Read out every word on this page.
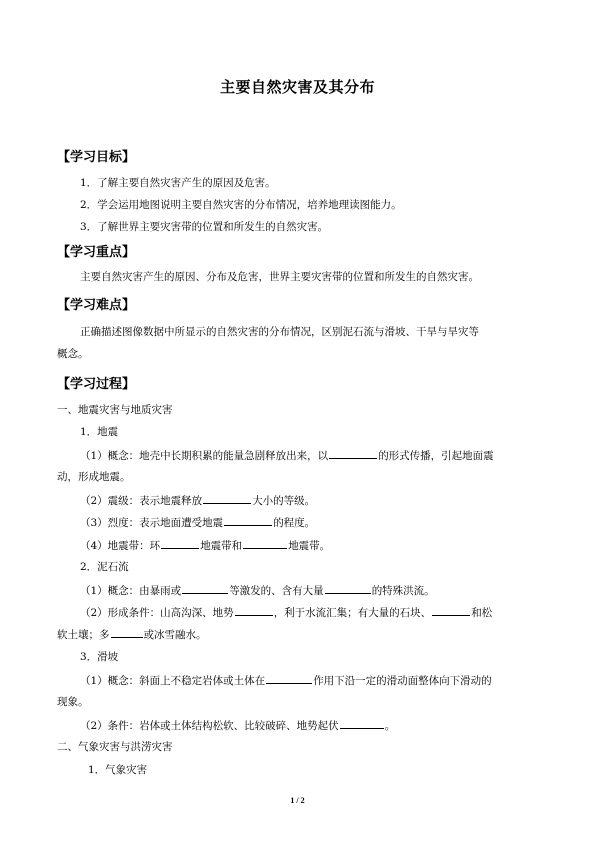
主要自然灾害及其分布
【学习目标】
1．了解主要自然灾害产生的原因及危害。
2．学会运用地图说明主要自然灾害的分布情况，培养地理读图能力。
3．了解世界主要灾害带的位置和所发生的自然灾害。
【学习重点】
主要自然灾害产生的原因、分布及危害，世界主要灾害带的位置和所发生的自然灾害。
【学习难点】
正确描述图像数据中所显示的自然灾害的分布情况，区别泥石流与滑坡、干旱与旱灾等
概念。
【学习过程】
一、地震灾害与地质灾害
1．地震
（1）概念：地壳中长期积累的能量急剧释放出来，以	的形式传播，引起地面震
动，形成地震。
（2）震级：表示地震释放	大小的等级。
（3）烈度：表示地面遭受地震	的程度。
（4）地震带：环	地震带和	地震带。
2．泥石流
（1）概念：由暴雨或	等激发的、含有大量	的特殊洪流。
（2）形成条件：山高沟深、地势	，利于水流汇集；有大量的石块、	和松
软土壤；多	或冰雪融水。
3．滑坡
（1）概念：斜面上不稳定岩体或土体在	作用下沿一定的滑动面整体向下滑动的
现象。
（2）条件：岩体或土体结构松软、比较破碎、地势起伏	。
二、气象灾害与洪涝灾害
1．气象灾害
1 / 2
